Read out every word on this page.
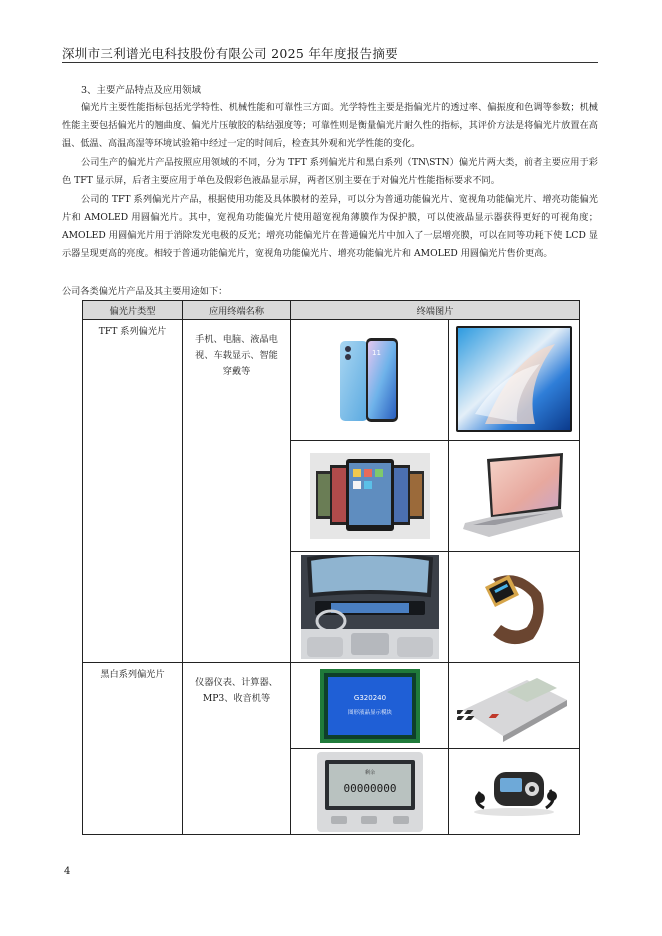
深圳市三利谱光电科技股份有限公司 2025 年年度报告摘要
3、主要产品特点及应用领域

偏光片主要性能指标包括光学特性、机械性能和可靠性三方面。光学特性主要是指偏光片的透过率、偏振度和色调等参数；机械性能主要包括偏光片的翘曲度、偏光片压敏胶的粘结强度等；可靠性则是衡量偏光片耐久性的指标，其评价方法是将偏光片放置在高温、低温、高温高湿等环境试验箱中经过一定的时间后，检查其外观和光学性能的变化。

公司生产的偏光片产品按照应用领域的不同，分为 TFT 系列偏光片和黑白系列（TN\STN）偏光片两大类，前者主要应用于彩色 TFT 显示屏，后者主要应用于单色及假彩色液晶显示屏，两者区别主要在于对偏光片性能指标要求不同。

公司的 TFT 系列偏光片产品，根据使用功能及具体膜材的差异，可以分为普通功能偏光片、宽视角功能偏光片、增亮功能偏光片和 AMOLED 用圆偏光片。其中，宽视角功能偏光片使用超宽视角薄膜作为保护膜，可以使液晶显示器获得更好的可视角度；AMOLED 用圆偏光片用于消除发光电极的反光；增亮功能偏光片在普通偏光片中加入了一层增亮膜，可以在同等功耗下使 LCD 显示器呈现更高的亮度。相较于普通功能偏光片，宽视角功能偏光片、增亮功能偏光片和 AMOLED 用圆偏光片售价更高。

公司各类偏光片产品及其主要用途如下：
偏光片类型	应用终端名称	终端图片	
TFT 系列偏光片	手机、电脑、液晶电视、车载显示、智能穿戴等	11

黑白系列偏光片	仪器仪表、计算器、MP3、收音机等	G320240
图形液晶显示模块

剩余
00000000

4
